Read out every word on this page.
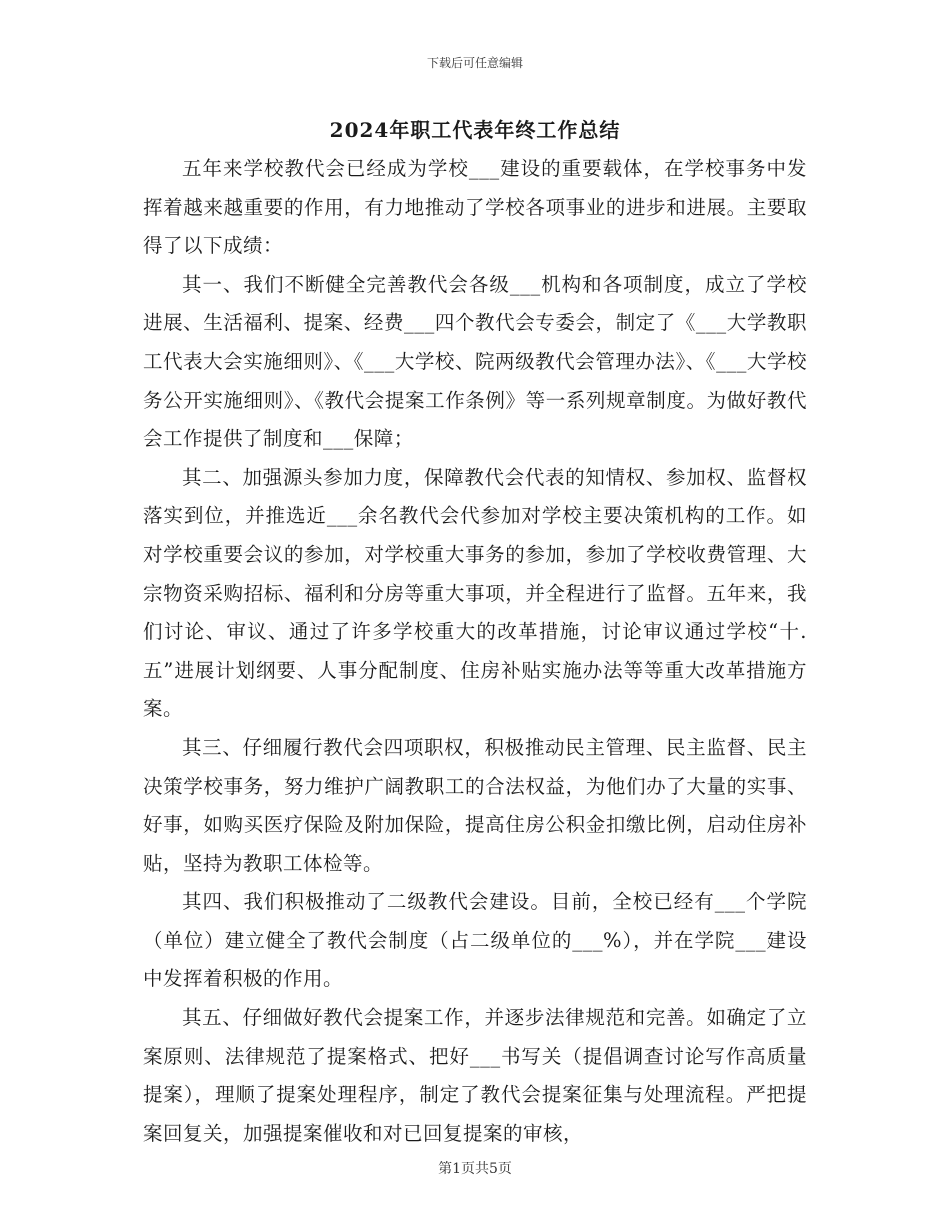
下载后可任意编辑
2024年职工代表年终工作总结

五年来学校教代会已经成为学校___建设的重要载体，在学校事务中发挥着越来越重要的作用，有力地推动了学校各项事业的进步和进展。主要取得了以下成绩：

其一、我们不断健全完善教代会各级___机构和各项制度，成立了学校进展、生活福利、提案、经费___四个教代会专委会，制定了《___大学教职工代表大会实施细则》、《___大学校、院两级教代会管理办法》、《___大学校务公开实施细则》、《教代会提案工作条例》等一系列规章制度。为做好教代会工作提供了制度和___保障；

其二、加强源头参加力度，保障教代会代表的知情权、参加权、监督权落实到位，并推选近___余名教代会代参加对学校主要决策机构的工作。如对学校重要会议的参加，对学校重大事务的参加，参加了学校收费管理、大宗物资采购招标、福利和分房等重大事项，并全程进行了监督。五年来，我们讨论、审议、通过了许多学校重大的改革措施，讨论审议通过学校“十.五”进展计划纲要、人事分配制度、住房补贴实施办法等等重大改革措施方案。

其三、仔细履行教代会四项职权，积极推动民主管理、民主监督、民主决策学校事务，努力维护广阔教职工的合法权益，为他们办了大量的实事、好事，如购买医疗保险及附加保险，提高住房公积金扣缴比例，启动住房补贴，坚持为教职工体检等。

其四、我们积极推动了二级教代会建设。目前，全校已经有___个学院（单位）建立健全了教代会制度（占二级单位的___%），并在学院___建设中发挥着积极的作用。

其五、仔细做好教代会提案工作，并逐步法律规范和完善。如确定了立案原则、法律规范了提案格式、把好___书写关（提倡调查讨论写作高质量提案），理顺了提案处理程序，制定了教代会提案征集与处理流程。严把提案回复关，加强提案催收和对已回复提案的审核，

第1页共5页
